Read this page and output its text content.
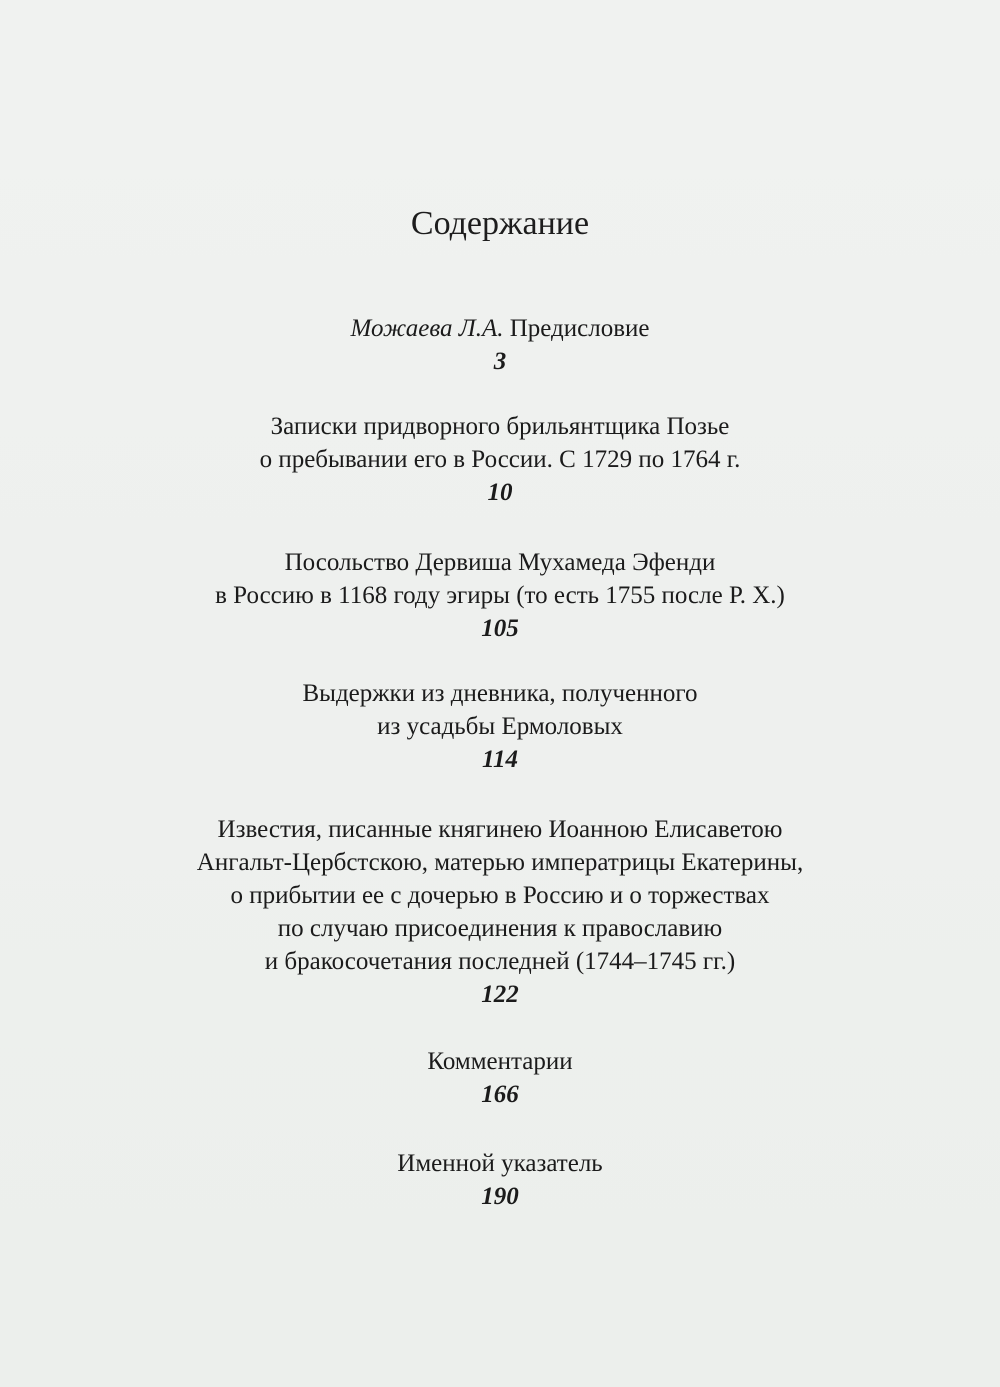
Содержание
Можаева Л.А. Предисловие
3
Записки придворного брильянтщика Позье
о пребывании его в России. С 1729 по 1764 г.
10
Посольство Дервиша Мухамеда Эфенди
в Россию в 1168 году эгиры (то есть 1755 после Р. Х.)
105
Выдержки из дневника, полученного
из усадьбы Ермоловых
114
Известия, писанные княгинею Иоанною Елисаветою
Ангальт-Цербстскою, матерью императрицы Екатерины,
о прибытии ее с дочерью в Россию и о торжествах
по случаю присоединения к православию
и бракосочетания последней (1744–1745 гг.)
122
Комментарии
166
Именной указатель
190
